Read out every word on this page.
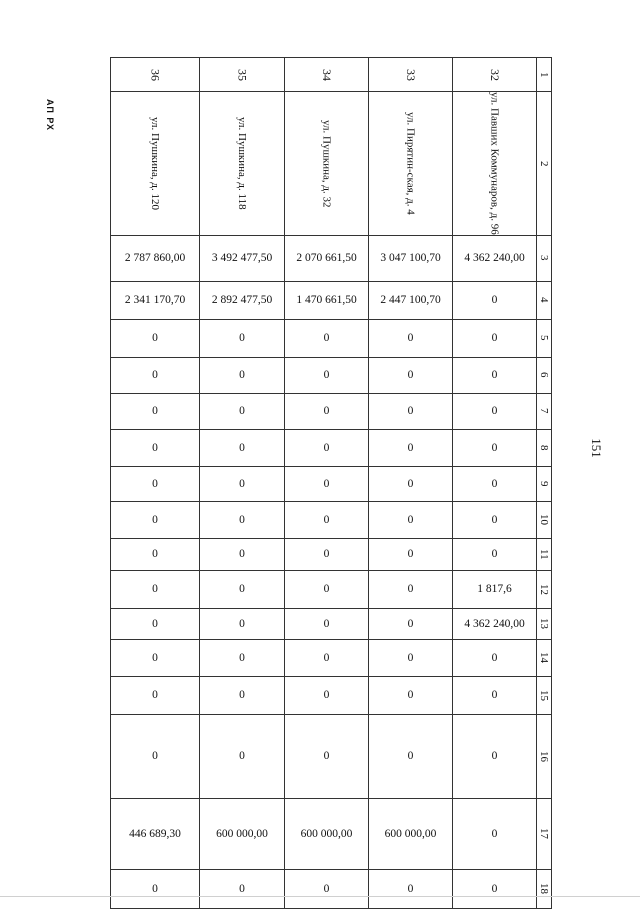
АП РХ
151
36	35	34	33	32	1
ул. Пушкина, д. 120	ул. Пушкина, д. 118	ул. Пушкина, д. 32	ул. Пирятин-ская, д. 4	ул. Павших Коммунаров, д. 96	2
2 787 860,00	3 492 477,50	2 070 661,50	3 047 100,70	4 362 240,00	3
2 341 170,70	2 892 477,50	1 470 661,50	2 447 100,70	0	4
0	0	0	0	0	5
0	0	0	0	0	6
0	0	0	0	0	7
0	0	0	0	0	8
0	0	0	0	0	9
0	0	0	0	0	10
0	0	0	0	0	11
0	0	0	0	1 817,6	12
0	0	0	0	4 362 240,00	13
0	0	0	0	0	14
0	0	0	0	0	15
0	0	0	0	0	16
446 689,30	600 000,00	600 000,00	600 000,00	0	17
0	0	0	0	0	18
